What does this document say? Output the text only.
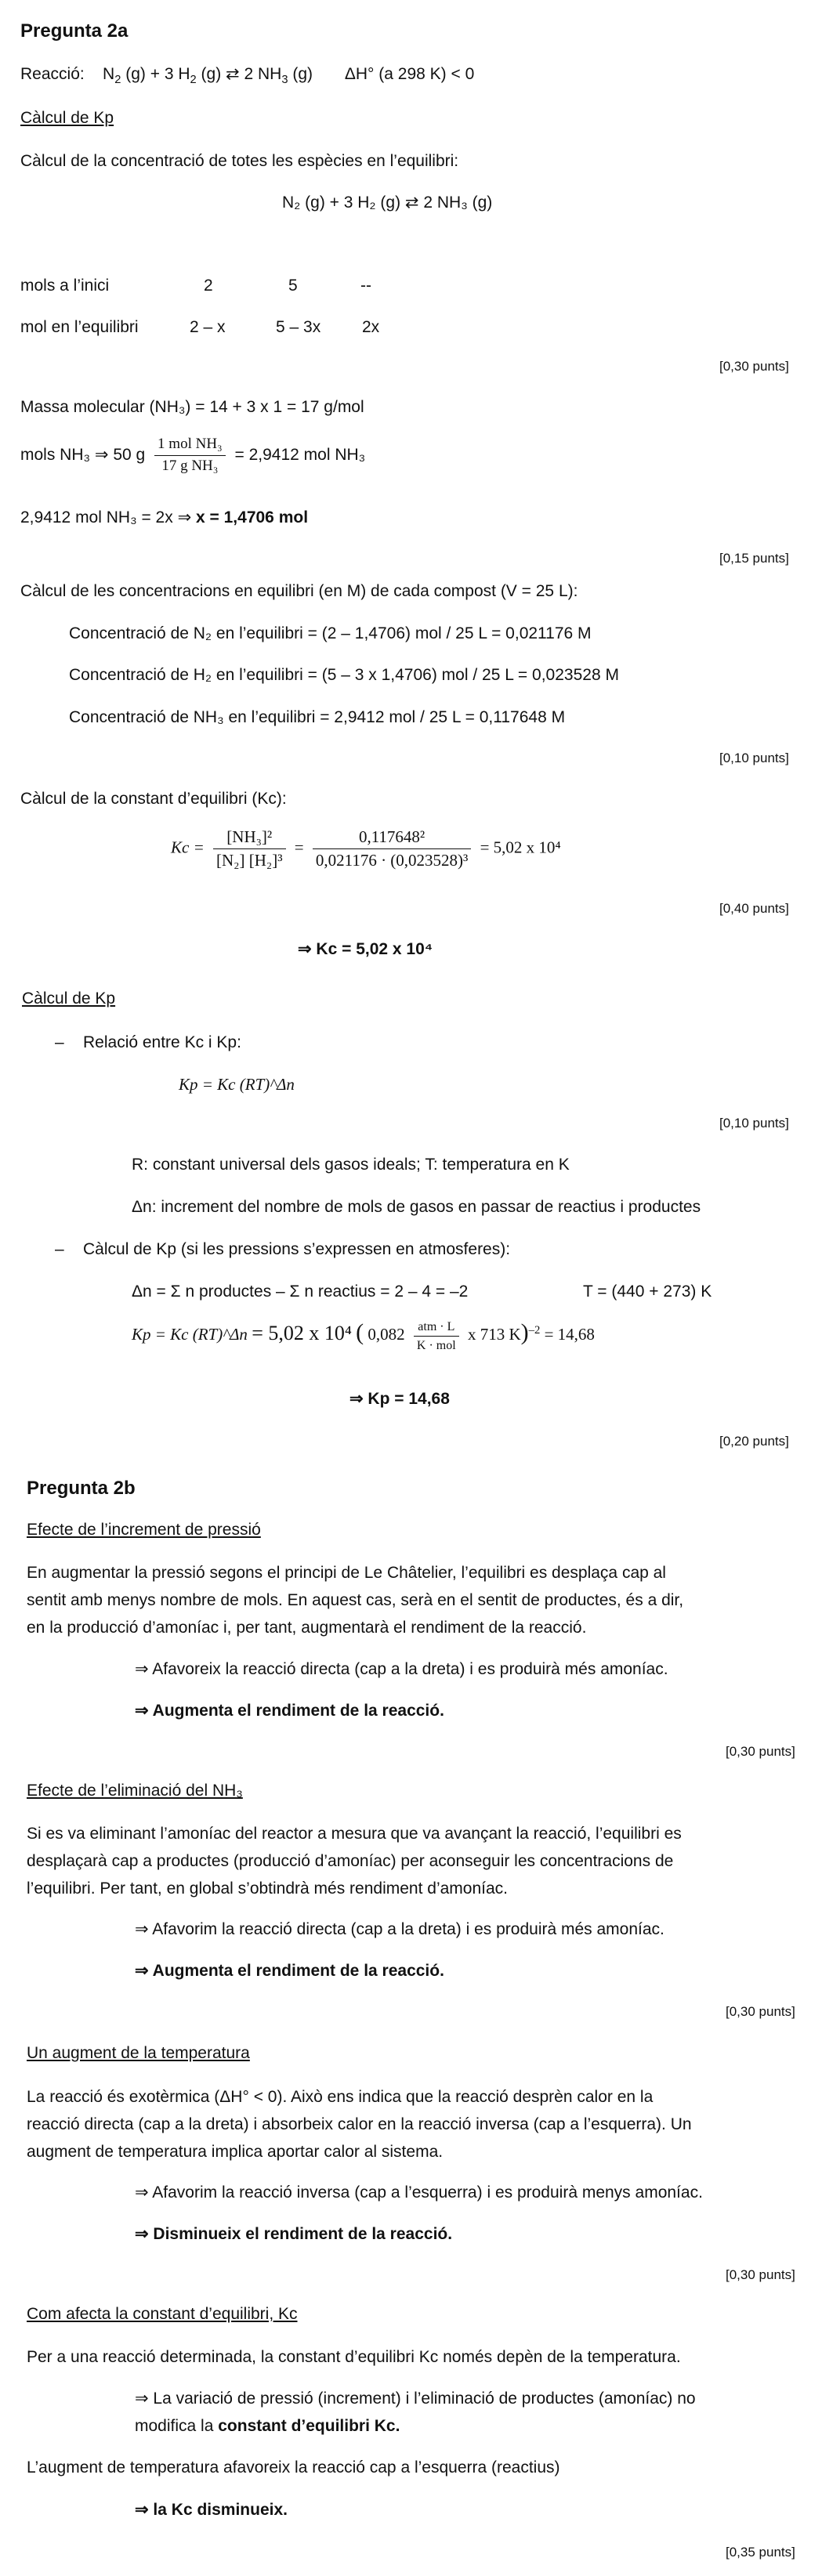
Pregunta 2a
Reacció: $N_2$ (g) + 3 $H_2$ (g) ⇄ 2 $NH_3$ (g) ΔH° (a 298 K) < 0
Càlcul de Kp
Càlcul de la concentració de totes les espècies en l’equilibri:
N₂ (g) + 3 H₂ (g) ⇄ 2 NH₃ (g)
mols a l’inici	2	5	--
mol en l’equilibri	2 – x	5 – 3x	2x
[0,30 punts]
Massa molecular (NH₃) = 14 + 3 x 1 = 17 g/mol
mols NH₃ ⇒ 50 g $\frac{\text{1 mol NH₃}}{\text{17 g NH₃}} = 2,9412$ mol NH₃
2,9412 mol NH₃ = 2x ⇒ x = 1,4706 mol
[0,15 punts]
Càlcul de les concentracions en equilibri (en M) de cada compost (V = 25 L):
Concentració de N₂ en l’equilibri = (2 – 1,4706) mol / 25 L = 0,021176 M
Concentració de H₂ en l’equilibri = (5 – 3 x 1,4706) mol / 25 L = 0,023528 M
Concentració de NH₃ en l’equilibri = 2,9412 mol / 25 L = 0,117648 M
[0,10 punts]
Càlcul de la constant d’equilibri (Kc):
$Kc = \frac{\text{[NH₃]²}}{\text{[N₂] [H₂]³}} = \frac{\text{0,117648²}}{\text{0,021176 · (0,023528)³}} = 5,02$ x 10⁴
[0,40 punts]
⇒ Kc = 5,02 x 10⁴
Càlcul de Kp
– Relació entre Kc i Kp:
Kp = Kc (RT)^Δn
[0,10 punts]
R: constant universal dels gasos ideals; T: temperatura en K
Δn: increment del nombre de mols de gasos en passar de reactius i productes
– Càlcul de Kp (si les pressions s’expressen en atmosferes):
Δn = Σ n productes – Σ n reactius = 2 – 4 = –2	T = (440 + 273) K
Kp = Kc (RT)^Δn = 5,02 x 10⁴ ( $0,082 \frac{\text{atm · L}}{\text{K · mol}}$ x 713 K)$^{-2}$ = 14,68
⇒ Kp = 14,68
[0,20 punts]
Pregunta 2b
Efecte de l’increment de pressió
En augmentar la pressió segons el principi de Le Châtelier, l’equilibri es desplaça cap al
sentit amb menys nombre de mols. En aquest cas, serà en el sentit de productes, és a dir,
en la producció d’amoníac i, per tant, augmentarà el rendiment de la reacció.
⇒ Afavoreix la reacció directa (cap a la dreta) i es produirà més amoníac.
⇒ Augmenta el rendiment de la reacció.
[0,30 punts]
Efecte de l’eliminació del NH₃
Si es va eliminant l’amoníac del reactor a mesura que va avançant la reacció, l’equilibri es
desplaçarà cap a productes (producció d’amoníac) per aconseguir les concentracions de
l’equilibri. Per tant, en global s’obtindrà més rendiment d’amoníac.
⇒ Afavorim la reacció directa (cap a la dreta) i es produirà més amoníac.
⇒ Augmenta el rendiment de la reacció.
[0,30 punts]
Un augment de la temperatura
La reacció és exotèrmica (ΔH° < 0). Això ens indica que la reacció desprèn calor en la
reacció directa (cap a la dreta) i absorbeix calor en la reacció inversa (cap a l’esquerra). Un
augment de temperatura implica aportar calor al sistema.
⇒ Afavorim la reacció inversa (cap a l’esquerra) i es produirà menys amoníac.
⇒ Disminueix el rendiment de la reacció.
[0,30 punts]
Com afecta la constant d’equilibri, Kc
Per a una reacció determinada, la constant d’equilibri Kc només depèn de la temperatura.
⇒ La variació de pressió (increment) i l’eliminació de productes (amoníac) no
modifica la constant d’equilibri Kc.
L’augment de temperatura afavoreix la reacció cap a l’esquerra (reactius)
⇒ la Kc disminueix.
[0,35 punts]
